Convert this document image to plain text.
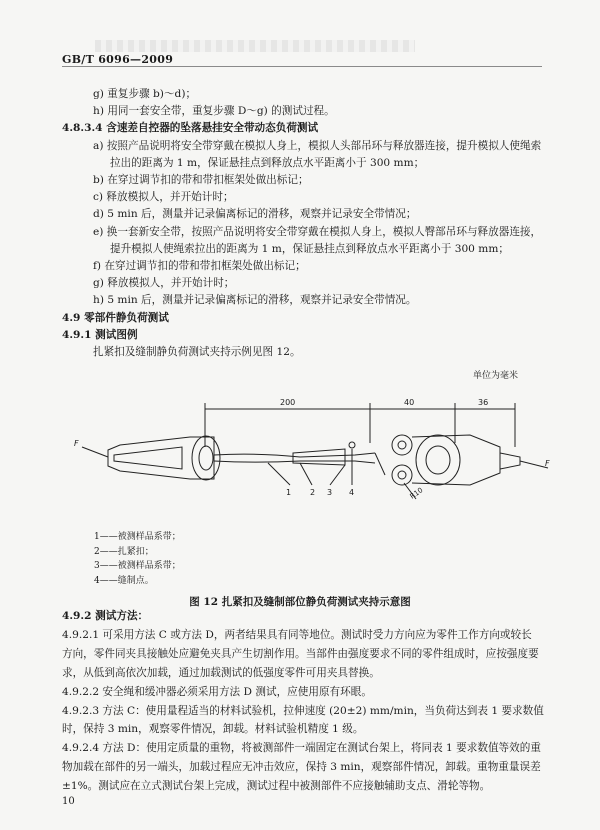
GB/T 6096—2009
g) 重复步骤 b)～d)；
h) 用同一套安全带，重复步骤 D～g) 的测试过程。
4.8.3.4 含速差自控器的坠落悬挂安全带动态负荷测试
a) 按照产品说明将安全带穿戴在模拟人身上，模拟人头部吊环与释放器连接，提升模拟人使绳索
拉出的距离为 1 m，保证悬挂点到释放点水平距离小于 300 mm；
b) 在穿过调节扣的带和带扣框架处做出标记；
c) 释放模拟人，并开始计时；
d) 5 min 后，测量并记录偏离标记的滑移，观察并记录安全带情况；
e) 换一套新安全带，按照产品说明将安全带穿戴在模拟人身上，模拟人臀部吊环与释放器连接，
提升模拟人使绳索拉出的距离为 1 m，保证悬挂点到释放点水平距离小于 300 mm；
f) 在穿过调节扣的带和带扣框架处做出标记；
g) 释放模拟人，并开始计时；
h) 5 min 后，测量并记录偏离标记的滑移，观察并记录安全带情况。
4.9 零部件静负荷测试
4.9.1 测试图例
扎紧扣及缝制静负荷测试夹持示例见图 12。
单位为毫米
200	40	36
F
F
1 2 3 4	R10
1——被测样品系带；
2——扎紧扣；
3——被测样品系带；
4——缝制点。
图 12 扎紧扣及缝制部位静负荷测试夹持示意图
4.9.2 测试方法：
4.9.2.1 可采用方法 C 或方法 D，两者结果具有同等地位。测试时受力方向应为零件工作方向或较长
方向，零件同夹具接触处应避免夹具产生切割作用。当部件由强度要求不同的零件组成时，应按强度要
求，从低到高依次加载，通过加载测试的低强度零件可用夹具替换。
4.9.2.2 安全绳和缓冲器必须采用方法 D 测试，应使用原有环眼。
4.9.2.3 方法 C：使用量程适当的材料试验机，拉伸速度 (20±2) mm/min，当负荷达到表 1 要求数值
时，保持 3 min，观察零件情况，卸载。材料试验机精度 1 级。
4.9.2.4 方法 D：使用定质量的重物，将被测部件一端固定在测试台架上，将同表 1 要求数值等效的重
物加载在部件的另一端头，加载过程应无冲击效应，保持 3 min，观察部件情况，卸载。重物重量误差
±1%。测试应在立式测试台架上完成，测试过程中被测部件不应接触辅助支点、滑轮等物。
10
